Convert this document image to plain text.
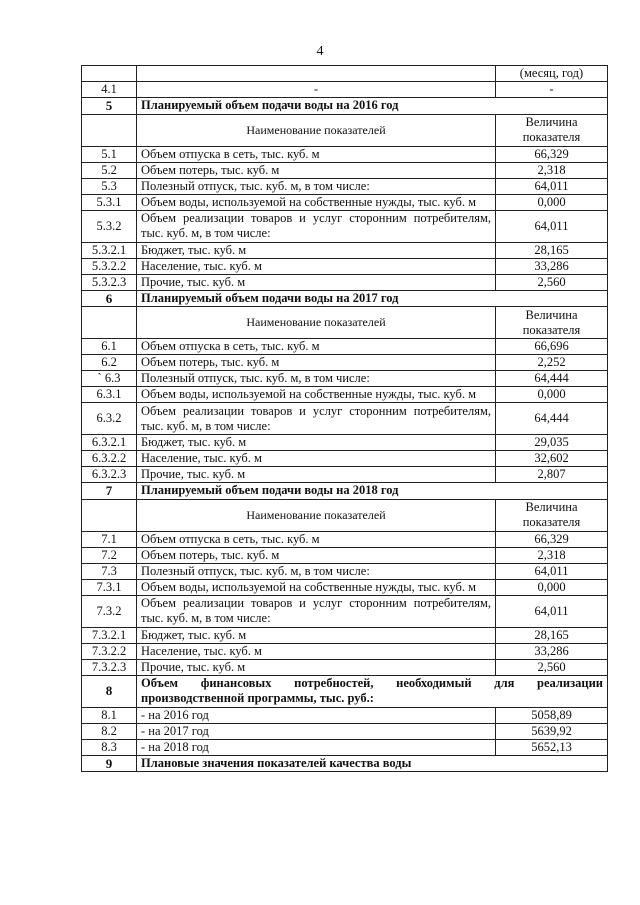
4
		(месяц, год)
4.1	-	-
5	Планируемый объем подачи воды на 2016 год	
	Наименование показателей	Величина показателя
5.1	Объем отпуска в сеть, тыс. куб. м	66,329
5.2	Объем потерь, тыс. куб. м	2,318
5.3	Полезный отпуск, тыс. куб. м, в том числе:	64,011
5.3.1	Объем воды, используемой на собственные нужды, тыс. куб. м	0,000
5.3.2	Объем реализации товаров и услуг сторонним потребителям,
тыс. куб. м, в том числе:	64,011
5.3.2.1	Бюджет, тыс. куб. м	28,165
5.3.2.2	Население, тыс. куб. м	33,286
5.3.2.3	Прочие, тыс. куб. м	2,560
6	Планируемый объем подачи воды на 2017 год	
	Наименование показателей	Величина показателя
6.1	Объем отпуска в сеть, тыс. куб. м	66,696
6.2	Объем потерь, тыс. куб. м	2,252
` 6.3	Полезный отпуск, тыс. куб. м, в том числе:	64,444
6.3.1	Объем воды, используемой на собственные нужды, тыс. куб. м	0,000
6.3.2	Объем реализации товаров и услуг сторонним потребителям,
тыс. куб. м, в том числе:	64,444
6.3.2.1	Бюджет, тыс. куб. м	29,035
6.3.2.2	Население, тыс. куб. м	32,602
6.3.2.3	Прочие, тыс. куб. м	2,807
7	Планируемый объем подачи воды на 2018 год	
	Наименование показателей	Величина показателя
7.1	Объем отпуска в сеть, тыс. куб. м	66,329
7.2	Объем потерь, тыс. куб. м	2,318
7.3	Полезный отпуск, тыс. куб. м, в том числе:	64,011
7.3.1	Объем воды, используемой на собственные нужды, тыс. куб. м	0,000
7.3.2	Объем реализации товаров и услуг сторонним потребителям,
тыс. куб. м, в том числе:	64,011
7.3.2.1	Бюджет, тыс. куб. м	28,165
7.3.2.2	Население, тыс. куб. м	33,286
7.3.2.3	Прочие, тыс. куб. м	2,560
8	Объем финансовых потребностей, необходимый для реализации
производственной программы, тыс. руб.:	

8.1	- на 2016 год	5058,89
8.2	- на 2017 год	5639,92
8.3	- на 2018 год	5652,13
9	Плановые значения показателей качества воды	
